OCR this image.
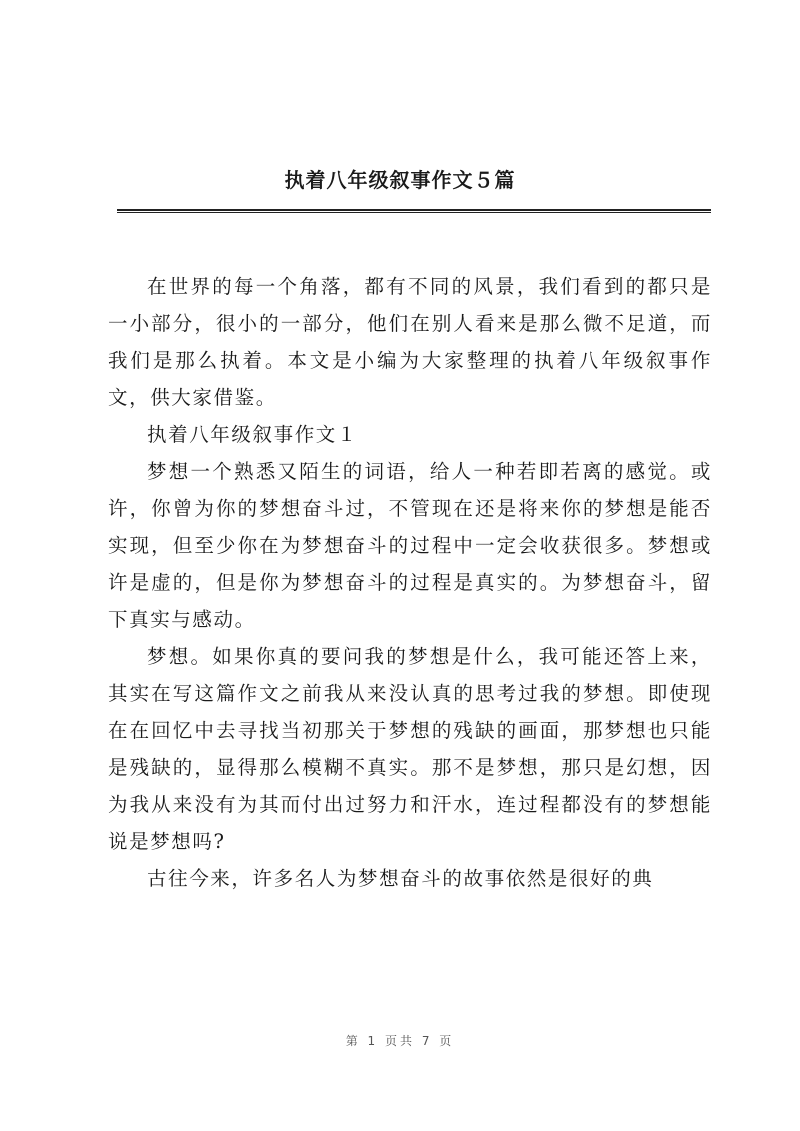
执着八年级叙事作文５篇

在世界的每一个角落，都有不同的风景，我们看到的都只是一小部分，很小的一部分，他们在别人看来是那么微不足道，而我们是那么执着。本文是小编为大家整理的执着八年级叙事作文，供大家借鉴。

执着八年级叙事作文１

梦想一个熟悉又陌生的词语，给人一种若即若离的感觉。或许，你曾为你的梦想奋斗过，不管现在还是将来你的梦想是能否实现，但至少你在为梦想奋斗的过程中一定会收获很多。梦想或许是虚的，但是你为梦想奋斗的过程是真实的。为梦想奋斗，留下真实与感动。

梦想。如果你真的要问我的梦想是什么，我可能还答上来，其实在写这篇作文之前我从来没认真的思考过我的梦想。即使现在在回忆中去寻找当初那关于梦想的残缺的画面，那梦想也只能是残缺的，显得那么模糊不真实。那不是梦想，那只是幻想，因为我从来没有为其而付出过努力和汗水，连过程都没有的梦想能说是梦想吗?

古往今来，许多名人为梦想奋斗的故事依然是很好的典

第 1 页共 7 页
